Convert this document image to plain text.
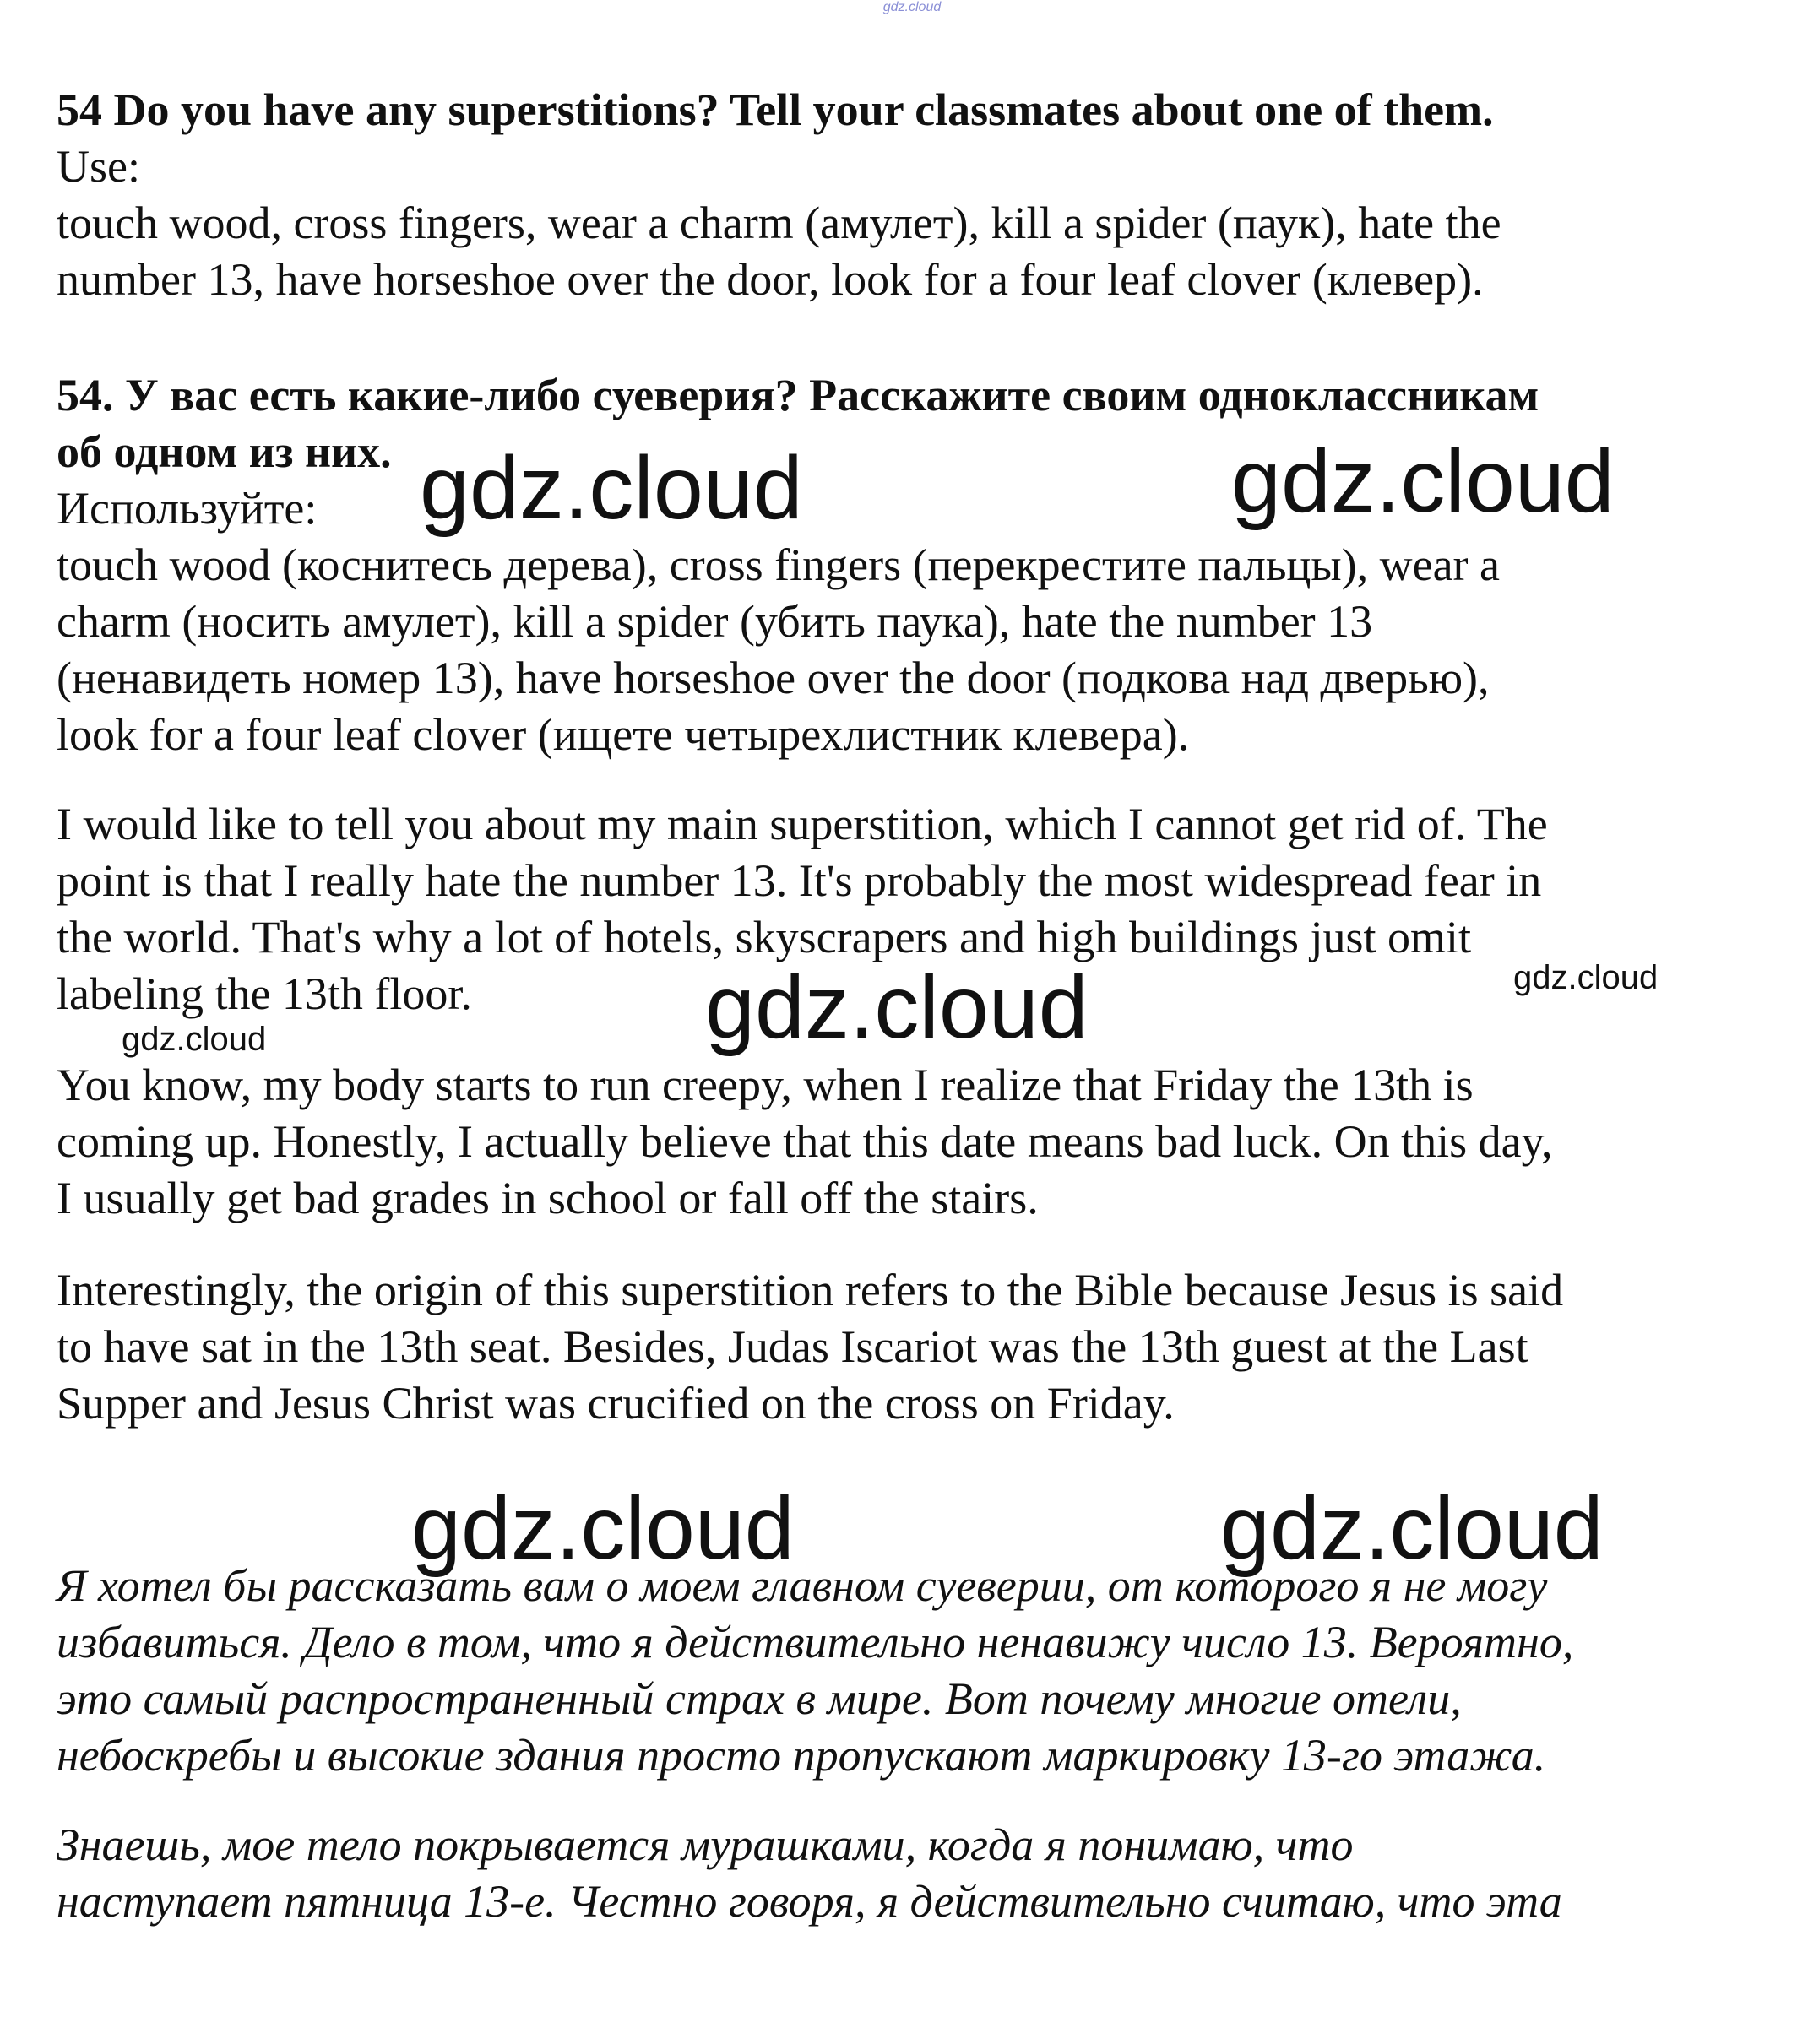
gdz.cloud
54 Do you have any superstitions? Tell your classmates about one of them.
Use:
touch wood, cross fingers, wear a charm (амулет), kill a spider (паук), hate the
number 13, have horseshoe over the door, look for a four leaf clover (клевер).
54. У вас есть какие-либо суеверия? Расскажите своим одноклассникам
об одном из них.
Используйте:
touch wood (коснитесь дерева), cross fingers (перекрестите пальцы), wear a
charm (носить амулет), kill a spider (убить паука), hate the number 13
(ненавидеть номер 13), have horseshoe over the door (подкова над дверью),
look for a four leaf clover (ищете четырехлистник клевера).
I would like to tell you about my main superstition, which I cannot get rid of. The
point is that I really hate the number 13. It's probably the most widespread fear in
the world. That's why a lot of hotels, skyscrapers and high buildings just omit
labeling the 13th floor.
You know, my body starts to run creepy, when I realize that Friday the 13th is
coming up. Honestly, I actually believe that this date means bad luck. On this day,
I usually get bad grades in school or fall off the stairs.
Interestingly, the origin of this superstition refers to the Bible because Jesus is said
to have sat in the 13th seat. Besides, Judas Iscariot was the 13th guest at the Last
Supper and Jesus Christ was crucified on the cross on Friday.
Я хотел бы рассказать вам о моем главном суеверии, от которого я не могу
избавиться. Дело в том, что я действительно ненавижу число 13. Вероятно,
это самый распространенный страх в мире. Вот почему многие отели,
небоскребы и высокие здания просто пропускают маркировку 13-го этажа.
Знаешь, мое тело покрывается мурашками, когда я понимаю, что
наступает пятница 13-е. Честно говоря, я действительно считаю, что эта
gdz.cloud	gdz.cloud
gdz.cloud	gdz.cloud
gdz.cloud
gdz.cloud	gdz.cloud
